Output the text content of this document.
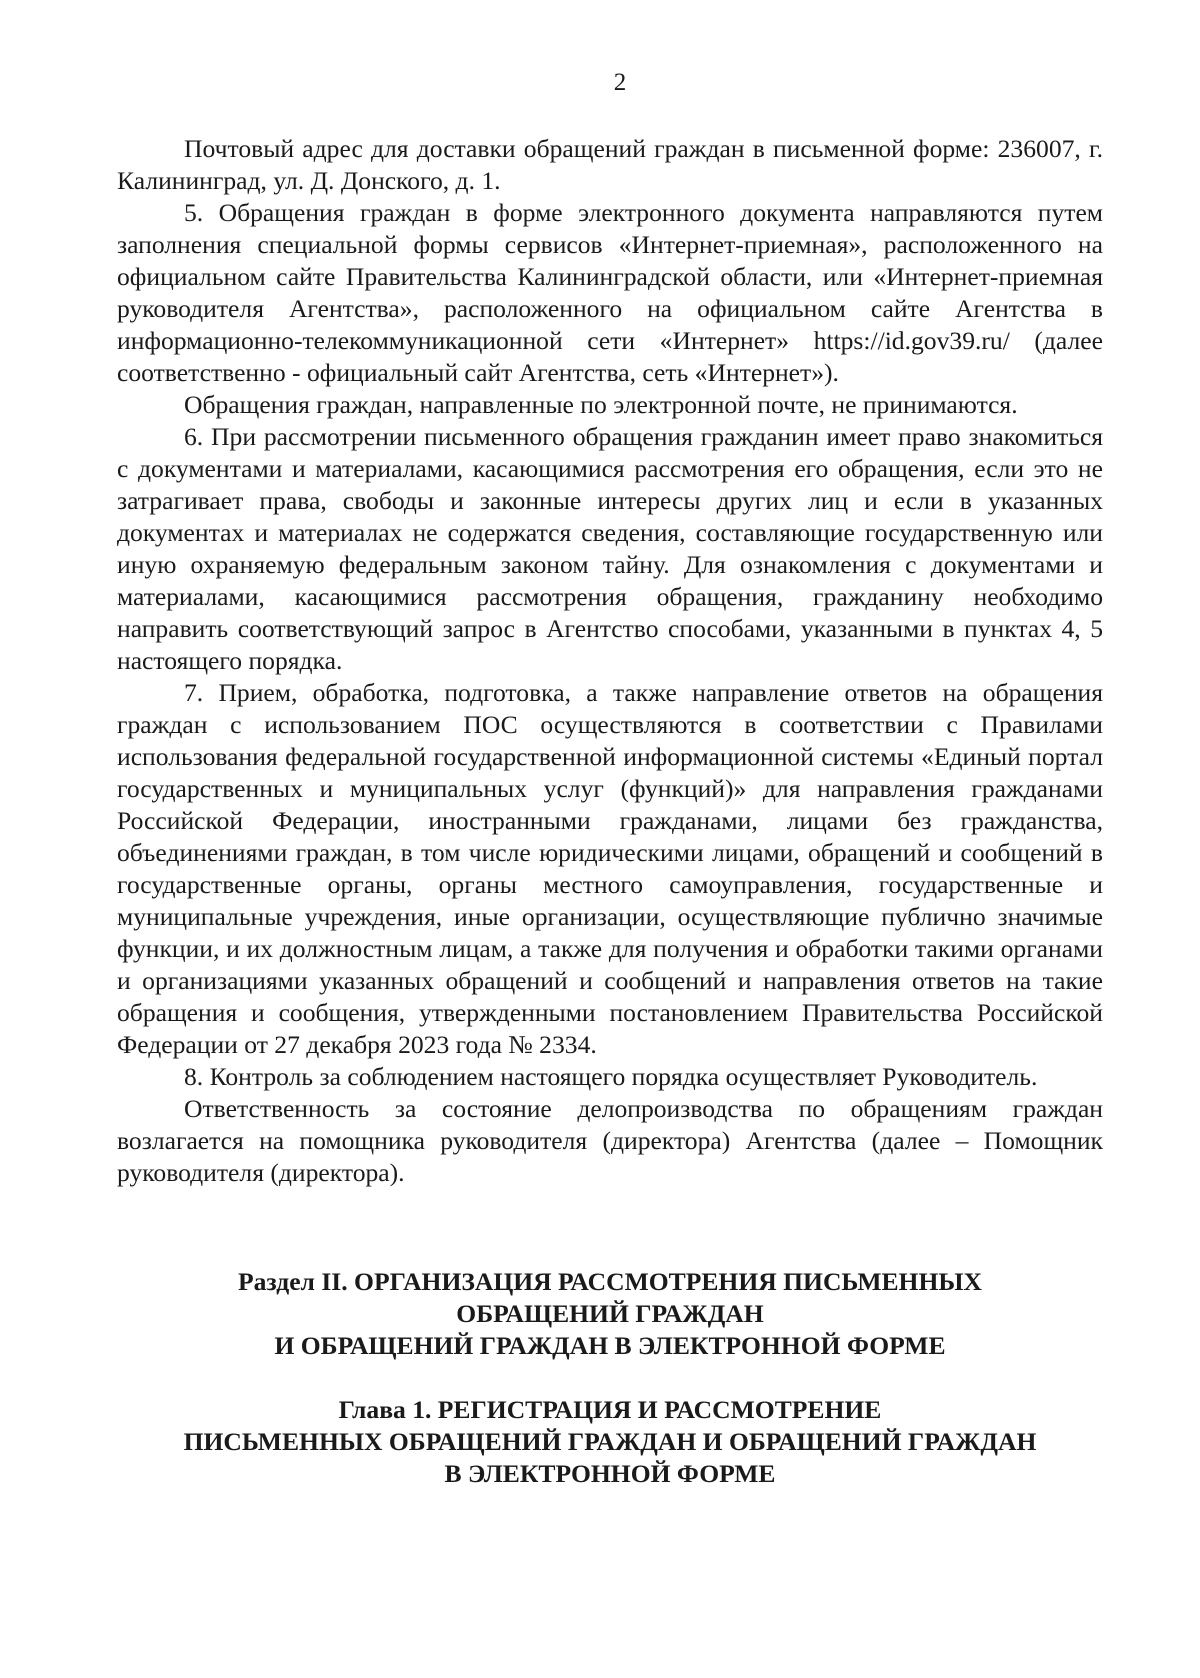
2

Почтовый адрес для доставки обращений граждан в письменной форме: 236007, г. Калининград, ул. Д. Донского, д. 1.

5. Обращения граждан в форме электронного документа направляются путем заполнения специальной формы сервисов «Интернет-приемная», расположенного на официальном сайте Правительства Калининградской области, или «Интернет-приемная руководителя Агентства», расположенного на официальном сайте Агентства в информационно-телекоммуникационной сети «Интернет» https://id.gov39.ru/ (далее соответственно - официальный сайт Агентства, сеть «Интернет»).

Обращения граждан, направленные по электронной почте, не принимаются.

6. При рассмотрении письменного обращения гражданин имеет право знакомиться с документами и материалами, касающимися рассмотрения его обращения, если это не затрагивает права, свободы и законные интересы других лиц и если в указанных документах и материалах не содержатся сведения, составляющие государственную или иную охраняемую федеральным законом тайну. Для ознакомления с документами и материалами, касающимися рассмотрения обращения, гражданину необходимо направить соответствующий запрос в Агентство способами, указанными в пунктах 4, 5 настоящего порядка.

7. Прием, обработка, подготовка, а также направление ответов на обращения граждан с использованием ПОС осуществляются в соответствии с Правилами использования федеральной государственной информационной системы «Единый портал государственных и муниципальных услуг (функций)» для направления гражданами Российской Федерации, иностранными гражданами, лицами без гражданства, объединениями граждан, в том числе юридическими лицами, обращений и сообщений в государственные органы, органы местного самоуправления, государственные и муниципальные учреждения, иные организации, осуществляющие публично значимые функции, и их должностным лицам, а также для получения и обработки такими органами и организациями указанных обращений и сообщений и направления ответов на такие обращения и сообщения, утвержденными постановлением Правительства Российской Федерации от 27 декабря 2023 года № 2334.

8. Контроль за соблюдением настоящего порядка осуществляет Руководитель.

Ответственность за состояние делопроизводства по обращениям граждан возлагается на помощника руководителя (директора) Агентства (далее – Помощник руководителя (директора).

Раздел II. ОРГАНИЗАЦИЯ РАССМОТРЕНИЯ ПИСЬМЕННЫХ
ОБРАЩЕНИЙ ГРАЖДАН
И ОБРАЩЕНИЙ ГРАЖДАН В ЭЛЕКТРОННОЙ ФОРМЕ
Глава 1. РЕГИСТРАЦИЯ И РАССМОТРЕНИЕ
ПИСЬМЕННЫХ ОБРАЩЕНИЙ ГРАЖДАН И ОБРАЩЕНИЙ ГРАЖДАН
В ЭЛЕКТРОННОЙ ФОРМЕ
